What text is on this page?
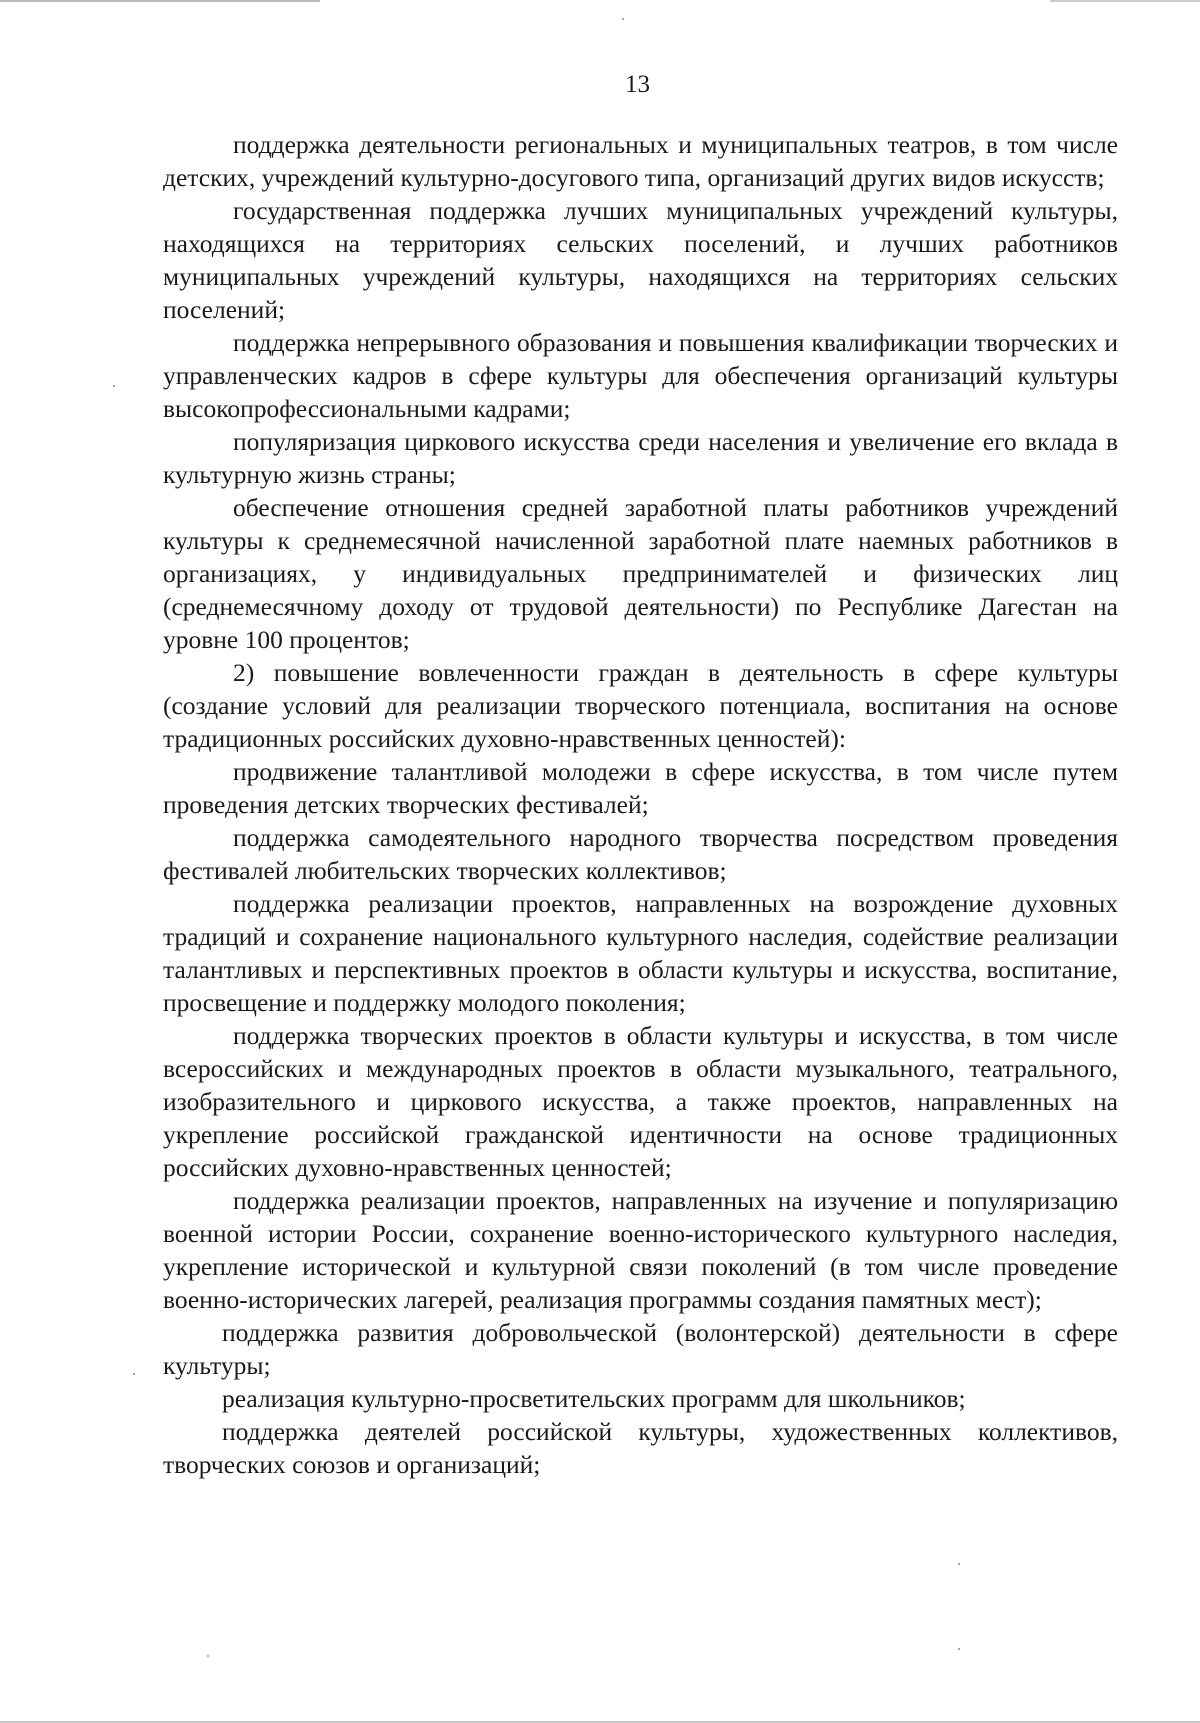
13

поддержка деятельности региональных и муниципальных театров, в том числе детских, учреждений культурно-досугового типа, организаций других видов искусств;

государственная поддержка лучших муниципальных учреждений культуры, находящихся на территориях сельских поселений, и лучших работников муниципальных учреждений культуры, находящихся на территориях сельских поселений;

поддержка непрерывного образования и повышения квалификации творческих и управленческих кадров в сфере культуры для обеспечения организаций культуры высокопрофессиональными кадрами;

популяризация циркового искусства среди населения и увеличение его вклада в культурную жизнь страны;

обеспечение отношения средней заработной платы работников учреждений культуры к среднемесячной начисленной заработной плате наемных работников в организациях, у индивидуальных предпринимателей и физических лиц (среднемесячному доходу от трудовой деятельности) по Республике Дагестан на уровне 100 процентов;

2) повышение вовлеченности граждан в деятельность в сфере культуры (создание условий для реализации творческого потенциала, воспитания на основе традиционных российских духовно-нравственных ценностей):

продвижение талантливой молодежи в сфере искусства, в том числе путем проведения детских творческих фестивалей;

поддержка самодеятельного народного творчества посредством проведения фестивалей любительских творческих коллективов;

поддержка реализации проектов, направленных на возрождение духовных традиций и сохранение национального культурного наследия, содействие реализации талантливых и перспективных проектов в области культуры и искусства, воспитание, просвещение и поддержку молодого поколения;

поддержка творческих проектов в области культуры и искусства, в том числе всероссийских и международных проектов в области музыкального, театрального, изобразительного и циркового искусства, а также проектов, направленных на укрепление российской гражданской идентичности на основе традиционных российских духовно-нравственных ценностей;

поддержка реализации проектов, направленных на изучение и популяризацию военной истории России, сохранение военно-исторического культурного наследия, укрепление исторической и культурной связи поколений (в том числе проведение военно-исторических лагерей, реализация программы создания памятных мест);

поддержка развития добровольческой (волонтерской) деятельности в сфере культуры;

реализация культурно-просветительских программ для школьников;

поддержка деятелей российской культуры, художественных коллективов, творческих союзов и организаций;
